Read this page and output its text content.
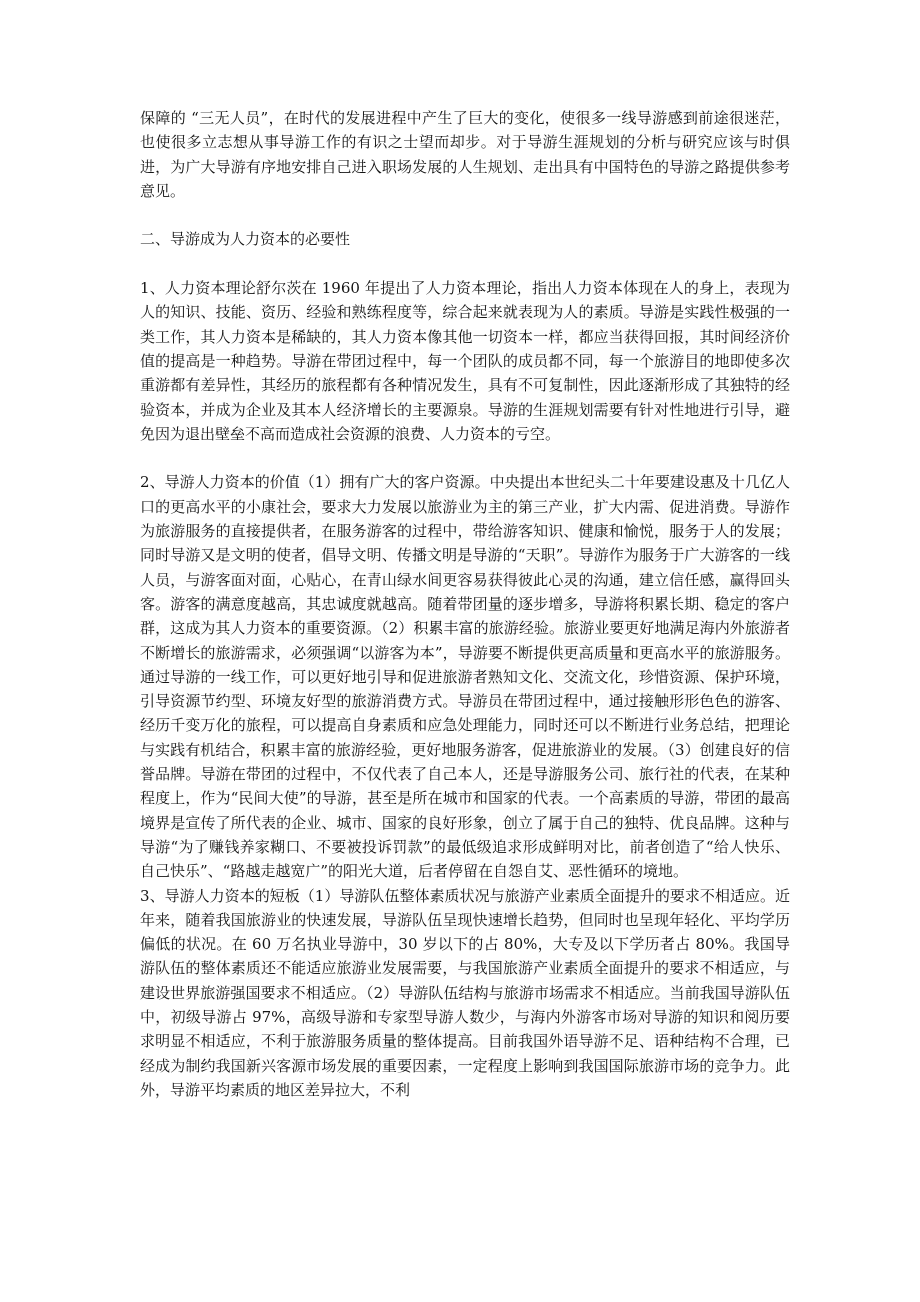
保障的 “三无人员”，在时代的发展进程中产生了巨大的变化，使很多一线导游感到前途很迷茫，也使很多立志想从事导游工作的有识之士望而却步。对于导游生涯规划的分析与研究应该与时俱进，为广大导游有序地安排自己进入职场发展的人生规划、走出具有中国特色的导游之路提供参考意见。

二、导游成为人力资本的必要性

1、人力资本理论舒尔茨在 1960 年提出了人力资本理论，指出人力资本体现在人的身上，表现为人的知识、技能、资历、经验和熟练程度等，综合起来就表现为人的素质。导游是实践性极强的一类工作，其人力资本是稀缺的，其人力资本像其他一切资本一样，都应当获得回报，其时间经济价值的提高是一种趋势。导游在带团过程中，每一个团队的成员都不同，每一个旅游目的地即使多次重游都有差异性，其经历的旅程都有各种情况发生，具有不可复制性，因此逐渐形成了其独特的经验资本，并成为企业及其本人经济增长的主要源泉。导游的生涯规划需要有针对性地进行引导，避免因为退出壁垒不高而造成社会资源的浪费、人力资本的亏空。

2、导游人力资本的价值（1）拥有广大的客户资源。中央提出本世纪头二十年要建设惠及十几亿人口的更高水平的小康社会，要求大力发展以旅游业为主的第三产业，扩大内需、促进消费。导游作为旅游服务的直接提供者，在服务游客的过程中，带给游客知识、健康和愉悦，服务于人的发展；同时导游又是文明的使者，倡导文明、传播文明是导游的“天职”。导游作为服务于广大游客的一线人员，与游客面对面，心贴心，在青山绿水间更容易获得彼此心灵的沟通，建立信任感，赢得回头客。游客的满意度越高，其忠诚度就越高。随着带团量的逐步增多，导游将积累长期、稳定的客户群，这成为其人力资本的重要资源。（2）积累丰富的旅游经验。旅游业要更好地满足海内外旅游者不断增长的旅游需求，必须强调“以游客为本”，导游要不断提供更高质量和更高水平的旅游服务。通过导游的一线工作，可以更好地引导和促进旅游者熟知文化、交流文化，珍惜资源、保护环境，引导资源节约型、环境友好型的旅游消费方式。导游员在带团过程中，通过接触形形色色的游客、经历千变万化的旅程，可以提高自身素质和应急处理能力，同时还可以不断进行业务总结，把理论与实践有机结合，积累丰富的旅游经验，更好地服务游客，促进旅游业的发展。（3）创建良好的信誉品牌。导游在带团的过程中，不仅代表了自己本人，还是导游服务公司、旅行社的代表，在某种程度上，作为“民间大使”的导游，甚至是所在城市和国家的代表。一个高素质的导游，带团的最高境界是宣传了所代表的企业、城市、国家的良好形象，创立了属于自己的独特、优良品牌。这种与导游“为了赚钱养家糊口、不要被投诉罚款”的最低级追求形成鲜明对比，前者创造了“给人快乐、自己快乐”、“路越走越宽广”的阳光大道，后者停留在自怨自艾、恶性循环的境地。

3、导游人力资本的短板（1）导游队伍整体素质状况与旅游产业素质全面提升的要求不相适应。近年来，随着我国旅游业的快速发展，导游队伍呈现快速增长趋势，但同时也呈现年轻化、平均学历偏低的状况。在 60 万名执业导游中，30 岁以下的占 80%，大专及以下学历者占 80%。我国导游队伍的整体素质还不能适应旅游业发展需要，与我国旅游产业素质全面提升的要求不相适应，与建设世界旅游强国要求不相适应。（2）导游队伍结构与旅游市场需求不相适应。当前我国导游队伍中，初级导游占 97%，高级导游和专家型导游人数少，与海内外游客市场对导游的知识和阅历要求明显不相适应，不利于旅游服务质量的整体提高。目前我国外语导游不足、语种结构不合理，已经成为制约我国新兴客源市场发展的重要因素，一定程度上影响到我国国际旅游市场的竞争力。此外，导游平均素质的地区差异拉大，不利
